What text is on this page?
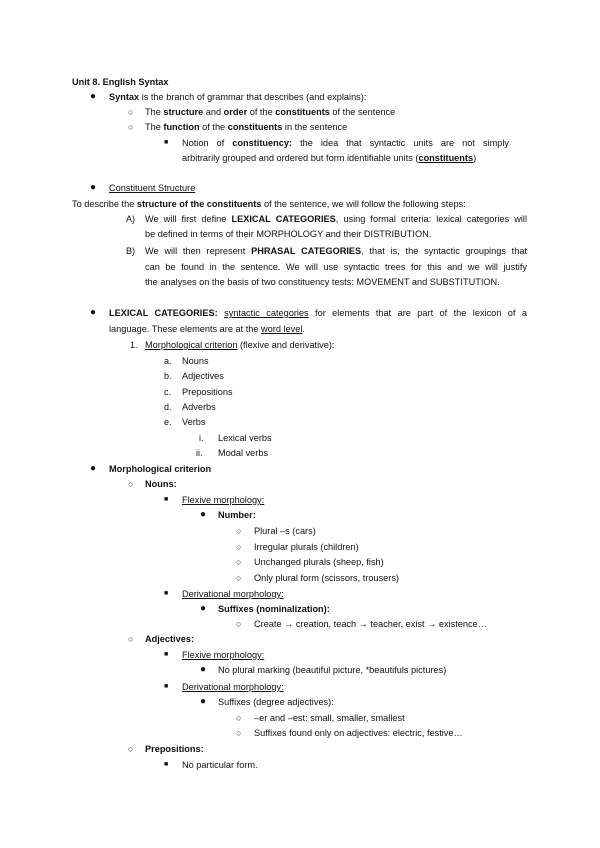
Unit 8. English Syntax
● Syntax is the branch of grammar that describes (and explains):
○ The structure and order of the constituents of the sentence
○ The function of the constituents in the sentence
■ Notion of constituency: the idea that syntactic units are not simply
arbitrarily grouped and ordered but form identifiable units (constituents)
● Constituent Structure
To describe the structure of the constituents of the sentence, we will follow the following steps:
A) We will first define LEXICAL CATEGORIES, using formal criteria: lexical categories will
be defined in terms of their MORPHOLOGY and their DISTRIBUTION.
B) We will then represent PHRASAL CATEGORIES, that is, the syntactic groupings that
can be found in the sentence. We will use syntactic trees for this and we will justify
the analyses on the basis of two constituency tests: MOVEMENT and SUBSTITUTION.
● LEXICAL CATEGORIES: syntactic categories for elements that are part of the lexicon of a
language. These elements are at the word level.
1. Morphological criterion (flexive and derivative):
a. Nouns
b. Adjectives
c. Prepositions
d. Adverbs
e. Verbs
i. Lexical verbs
ii. Modal verbs
● Morphological criterion
○ Nouns:
■ Flexive morphology:
● Number:
○ Plural –s (cars)
○ Irregular plurals (children)
○ Unchanged plurals (sheep, fish)
○ Only plural form (scissors, trousers)
■ Derivational morphology:
● Suffixes (nominalization):
○ Create → creation, teach → teacher, exist → existence…
○ Adjectives:
■ Flexive morphology:
● No plural marking (beautiful picture, *beautifuls pictures)
■ Derivational morphology:
● Suffixes (degree adjectives):
○ –er and –est: small, smaller, smallest
○ Suffixes found only on adjectives: electric, festive…
○ Prepositions:
■ No particular form.
